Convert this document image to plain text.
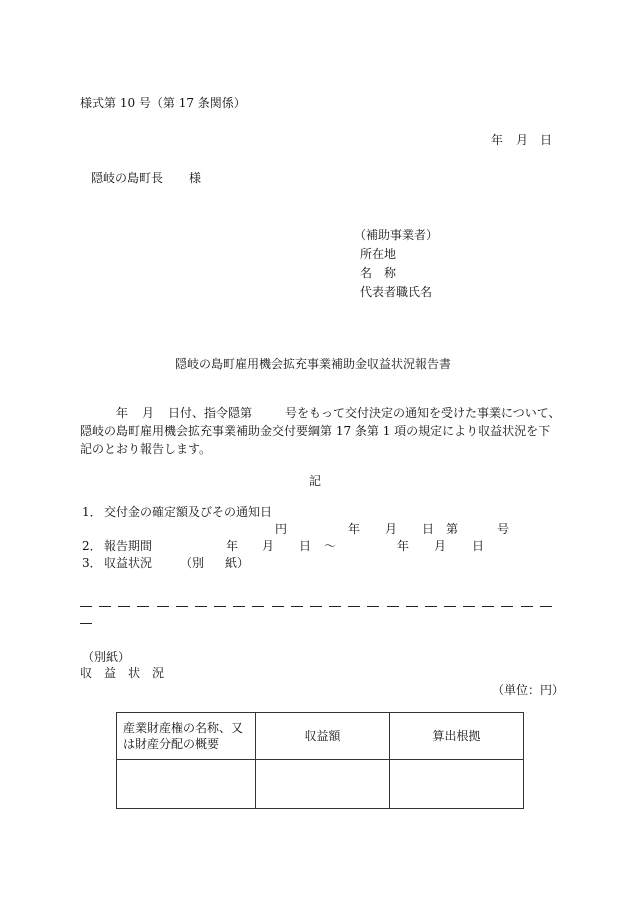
様式第 10 号（第 17 条関係）
年 月 日
隠岐の島町長 様
（補助事業者）
所在地
名　称
代表者職氏名
隠岐の島町雇用機会拡充事業補助金収益状況報告書
年 月 日付、指令隠第	号をもって交付決定の通知を受けた事業について、
隠岐の島町雇用機会拡充事業補助金交付要綱第 17 条第 1 項の規定により収益状況を下
記のとおり報告します。
記
1． 交付金の確定額及びその通知日
円	年 月 日 第	号
2． 報告期間	年 月 日 〜	年 月 日
3． 収益状況 （別 紙）
（別紙）
収 益 状 況
（単位：円）
産業財産権の名称、又
は財産分配の概要	収益額	算出根拠
